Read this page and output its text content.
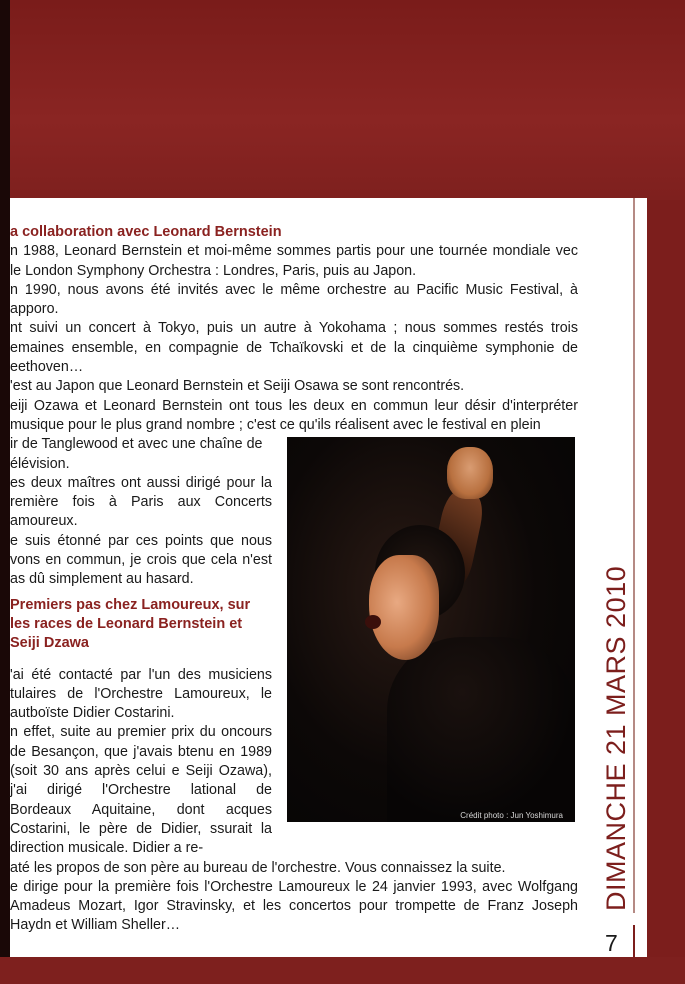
a collaboration avec Leonard Bernstein

n 1988, Leonard Bernstein et moi-même sommes partis pour une tournée mondiale vec le London Symphony Orchestra : Londres, Paris, puis au Japon.

n 1990, nous avons été invités avec le même orchestre au Pacific Music Festival, à apporo.

nt suivi un concert à Tokyo, puis un autre à Yokohama ; nous sommes restés trois emaines ensemble, en compagnie de Tchaïkovski et de la cinquième symphonie de eethoven…

'est au Japon que Leonard Bernstein et Seiji Osawa se sont rencontrés.

eiji Ozawa et Leonard Bernstein ont tous les deux en commun leur désir d'interpréter musique pour le plus grand nombre ; c'est ce qu'ils réalisent avec le festival en plein

ir de Tanglewood et avec une chaîne de élévision.

es deux maîtres ont aussi dirigé pour la remière fois à Paris aux Concerts amoureux.

e suis étonné par ces points que nous vons en commun, je crois que cela n'est as dû simplement au hasard.

Premiers pas chez Lamoureux, sur les races de Leonard Bernstein et Seiji Dzawa

'ai été contacté par l'un des musiciens tulaires de l'Orchestre Lamoureux, le autboïste Didier Costarini.

n effet, suite au premier prix du oncours de Besançon, que j'avais btenu en 1989 (soit 30 ans après celui e Seiji Ozawa), j'ai dirigé l'Orchestre lational de Bordeaux Aquitaine, dont acques Costarini, le père de Didier, ssurait la direction musicale. Didier a re-

até les propos de son père au bureau de l'orchestre. Vous connaissez la suite.

e dirige pour la première fois l'Orchestre Lamoureux le 24 janvier 1993, avec Wolfgang Amadeus Mozart, Igor Stravinsky, et les concertos pour trompette de Franz Joseph Haydn et William Sheller…

Crédit photo : Jun Yoshimura DIMANCHE 21 MARS 2010
7
